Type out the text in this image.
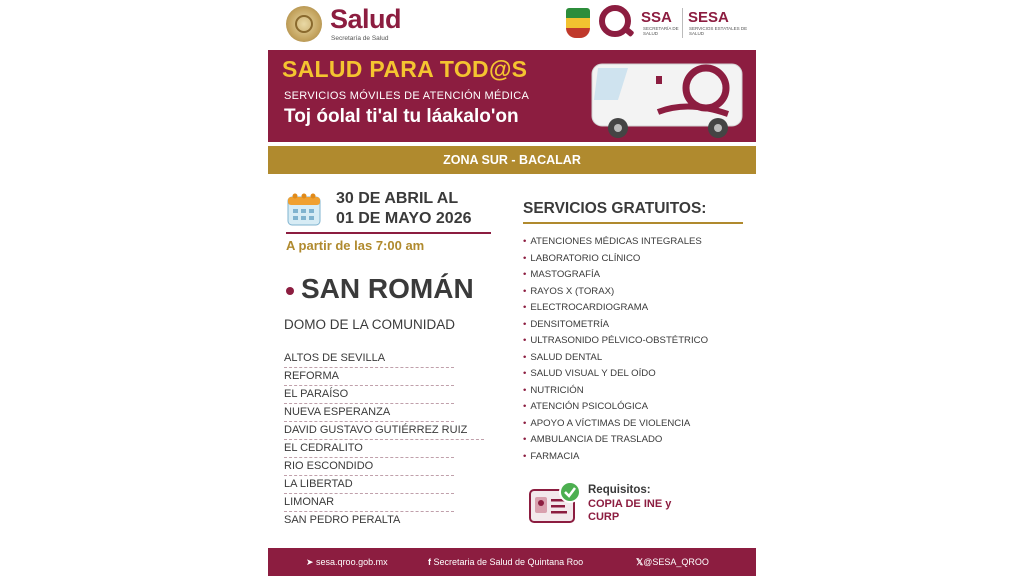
Salud
Secretaría de Salud
SSA
SECRETARÍA DE SALUD
SESA
SERVICIOS ESTATALES DE SALUD
SALUD PARA TOD@S
SERVICIOS MÓVILES DE ATENCIÓN MÉDICA
Toj óolal ti'al tu láakalo'on
ZONA SUR - BACALAR
30 DE ABRIL AL
01 DE MAYO 2026
A partir de las 7:00 am
SAN ROMÁN
DOMO DE LA COMUNIDAD
ALTOS DE SEVILLA
REFORMA
EL PARAÍSO
NUEVA ESPERANZA
DAVID GUSTAVO GUTIÉRREZ RUIZ
EL CEDRALITO
RIO ESCONDIDO
LA LIBERTAD
LIMONAR
SAN PEDRO PERALTA
SERVICIOS GRATUITOS:
• ATENCIONES MÉDICAS INTEGRALES
• LABORATORIO CLÍNICO
• MASTOGRAFÍA
• RAYOS X (TORAX)
• ELECTROCARDIOGRAMA
• DENSITOMETRÍA
• ULTRASONIDO PÉLVICO-OBSTÉTRICO
• SALUD DENTAL
• SALUD VISUAL Y DEL OÍDO
• NUTRICIÓN
• ATENCIÓN PSICOLÓGICA
• APOYO A VÍCTIMAS DE VIOLENCIA
• AMBULANCIA DE TRASLADO
• FARMACIA
Requisitos:
COPIA DE INE y CURP
➤ sesa.qroo.gob.mx	f Secretaria de Salud de Quintana Roo	𝕏@SESA_QROO
